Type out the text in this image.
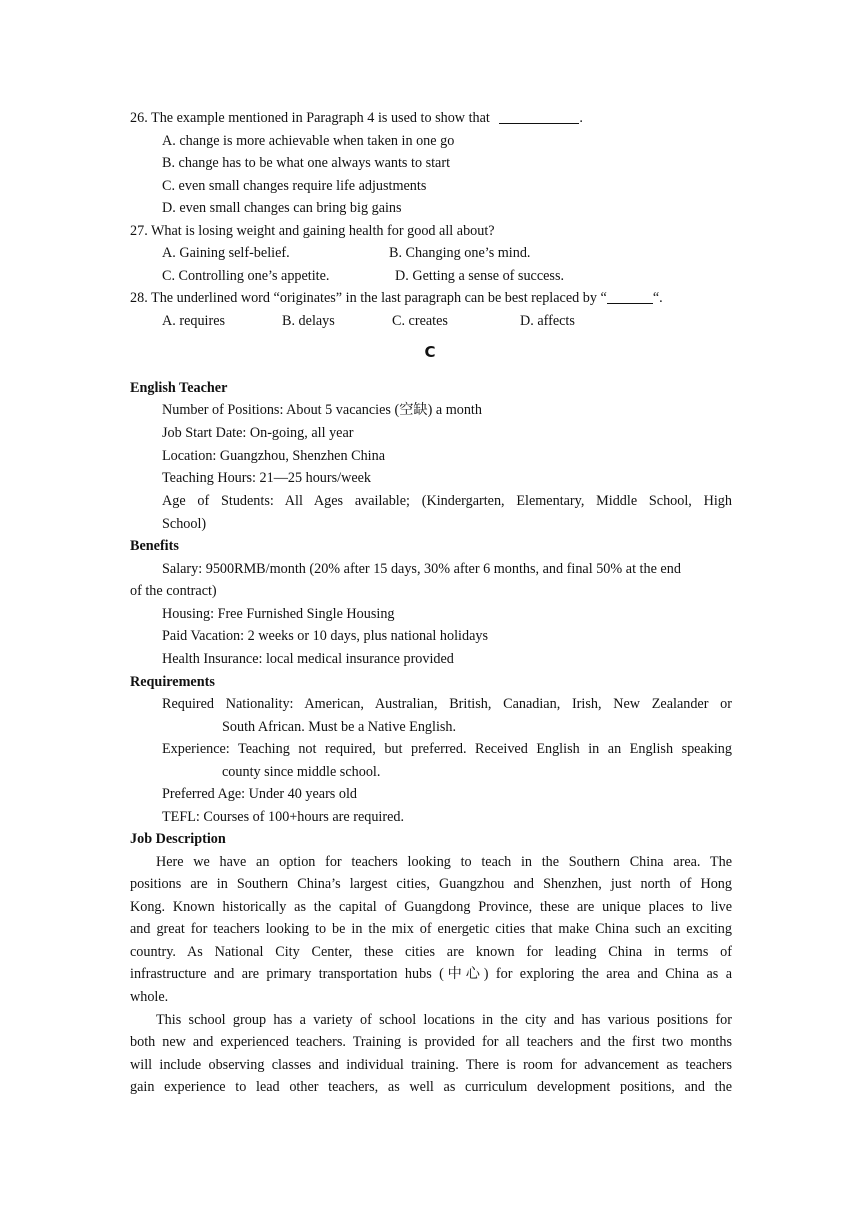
26. The example mentioned in Paragraph 4 is used to show that	.
A. change is more achievable when taken in one go
B. change has to be what one always wants to start
C. even small changes require life adjustments
D. even small changes can bring big gains
27. What is losing weight and gaining health for good all about?
A. Gaining self-belief.	B. Changing one’s mind.
C. Controlling one’s appetite.	D. Getting a sense of success.
28. The underlined word “originates” in the last paragraph can be best replaced by “	“.
A. requires	B. delays	C. creates	D. affects
C
English Teacher
Number of Positions: About 5 vacancies (空缺) a month
Job Start Date: On-going, all year
Location: Guangzhou, Shenzhen China
Teaching Hours: 21—25 hours/week
Age of Students: All Ages available; (Kindergarten, Elementary, Middle School, High
School)
Benefits
Salary: 9500RMB/month (20% after 15 days, 30% after 6 months, and final 50% at the end
of the contract)
Housing: Free Furnished Single Housing
Paid Vacation: 2 weeks or 10 days, plus national holidays
Health Insurance: local medical insurance provided
Requirements
Required Nationality: American, Australian, British, Canadian, Irish, New Zealander or
South African. Must be a Native English.
Experience: Teaching not required, but preferred. Received English in an English speaking
county since middle school.
Preferred Age: Under 40 years old
TEFL: Courses of 100+hours are required.
Job Description
Here we have an option for teachers looking to teach in the Southern China area. The
positions are in Southern China’s largest cities, Guangzhou and Shenzhen, just north of Hong
Kong. Known historically as the capital of Guangdong Province, these are unique places to live
and great for teachers looking to be in the mix of energetic cities that make China such an exciting
country. As National City Center, these cities are known for leading China in terms of
infrastructure and are primary transportation hubs (中心) for exploring the area and China as a
whole.
This school group has a variety of school locations in the city and has various positions for
both new and experienced teachers. Training is provided for all teachers and the first two months
will include observing classes and individual training. There is room for advancement as teachers
gain experience to lead other teachers, as well as curriculum development positions, and the
